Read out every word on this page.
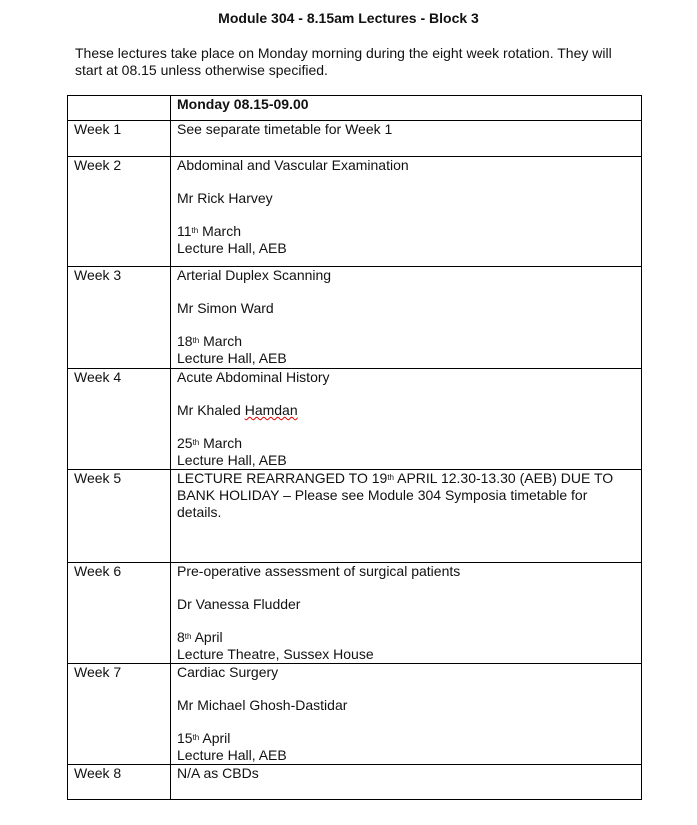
Module 304 - 8.15am Lectures - Block 3
These lectures take place on Monday morning during the eight week rotation. They will start at 08.15 unless otherwise specified.
	Monday 08.15-09.00
Week 1	See separate timetable for Week 1

Week 2	Abdominal and Vascular Examination
Mr Rick Harvey
11th March
Lecture Hall, AEB

Week 3	Arterial Duplex Scanning
Mr Simon Ward
18th March
Lecture Hall, AEB

Week 4	Acute Abdominal History
Mr Khaled Hamdan
25th March
Lecture Hall, AEB

Week 5	LECTURE REARRANGED TO 19th APRIL 12.30-13.30 (AEB) DUE TO BANK HOLIDAY – Please see Module 304 Symposia timetable for details.

Week 6	Pre-operative assessment of surgical patients
Dr Vanessa Fludder
8th April
Lecture Theatre, Sussex House

Week 7	Cardiac Surgery
Mr Michael Ghosh-Dastidar
15th April
Lecture Hall, AEB

Week 8	N/A as CBDs
